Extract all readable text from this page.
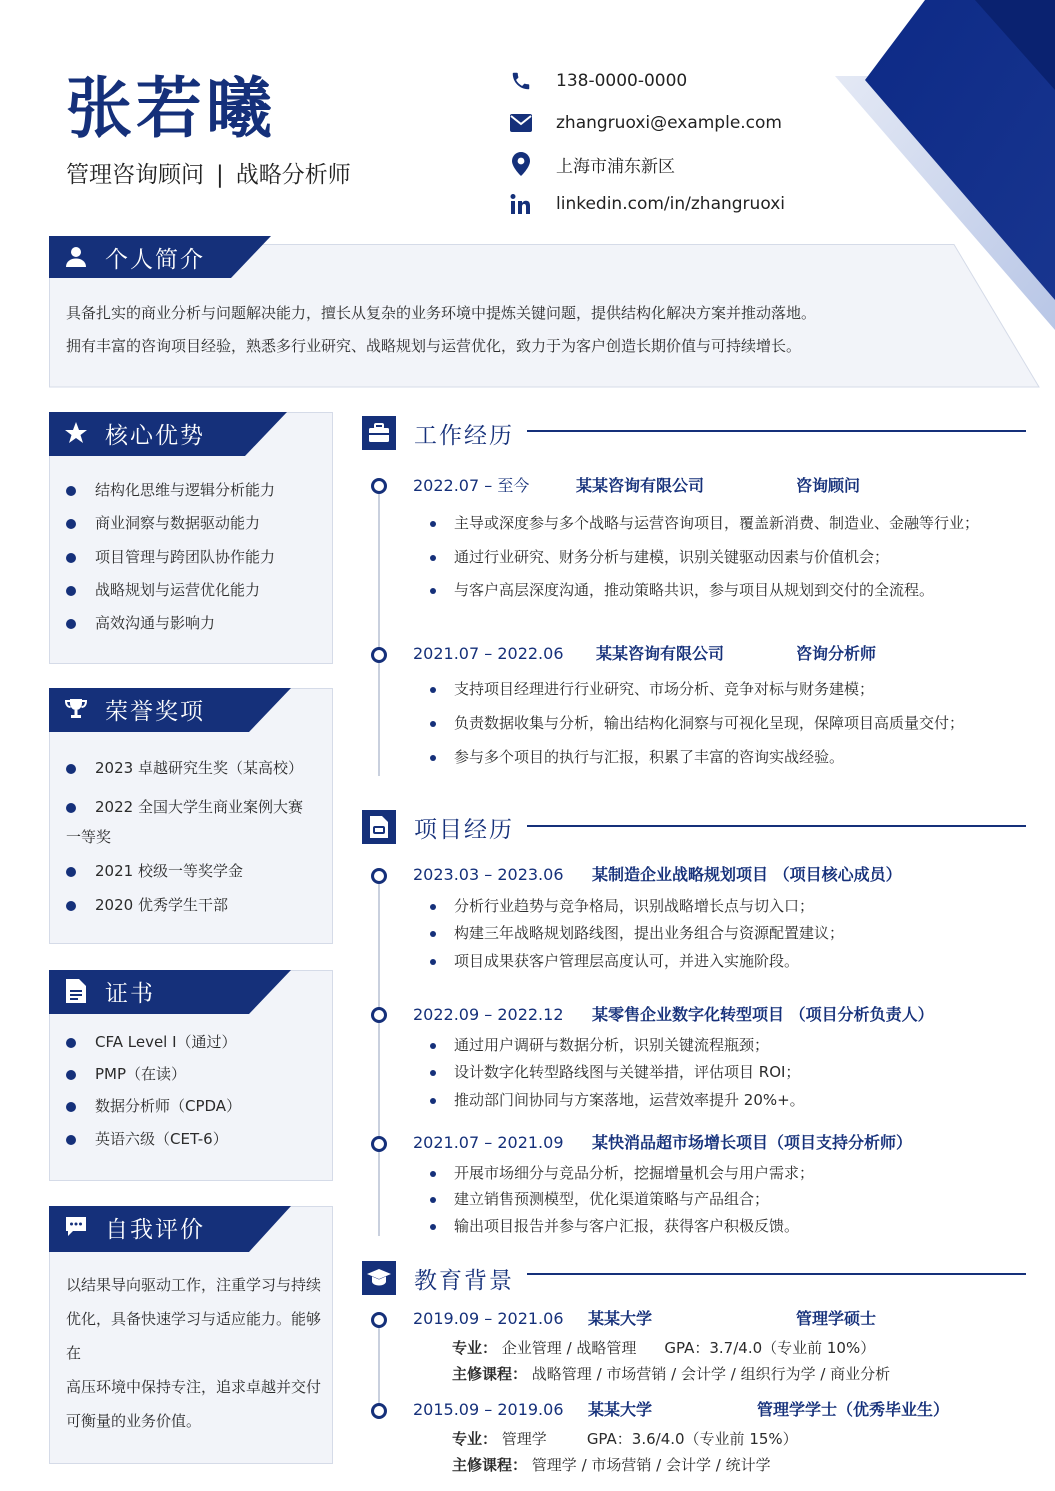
张若曦
管理咨询顾问 | 战略分析师
138-0000-0000
zhangruoxi@example.com
上海市浦东新区
linkedin.com/in/zhangruoxi
个人简介
具备扎实的商业分析与问题解决能力，擅长从复杂的业务环境中提炼关键问题，提供结构化解决方案并推动落地。
拥有丰富的咨询项目经验，熟悉多行业研究、战略规划与运营优化，致力于为客户创造长期价值与可持续增长。
核心优势
结构化思维与逻辑分析能力
商业洞察与数据驱动能力
项目管理与跨团队协作能力
战略规划与运营优化能力
高效沟通与影响力
荣誉奖项
2023 卓越研究生奖（某高校）
2022 全国大学生商业案例大赛
一等奖
2021 校级一等奖学金
2020 优秀学生干部
证书
CFA Level I（通过）
PMP（在读）
数据分析师（CPDA）
英语六级（CET-6）
自我评价
以结果导向驱动工作，注重学习与持续
优化，具备快速学习与适应能力。能够在
高压环境中保持专注，追求卓越并交付
可衡量的业务价值。
工作经历
2022.07 – 至今	某某咨询有限公司	咨询顾问
主导或深度参与多个战略与运营咨询项目，覆盖新消费、制造业、金融等行业；
通过行业研究、财务分析与建模，识别关键驱动因素与价值机会；
与客户高层深度沟通，推动策略共识，参与项目从规划到交付的全流程。
2021.07 – 2022.06 某某咨询有限公司	咨询分析师
支持项目经理进行行业研究、市场分析、竞争对标与财务建模；
负责数据收集与分析，输出结构化洞察与可视化呈现，保障项目高质量交付；
参与多个项目的执行与汇报，积累了丰富的咨询实战经验。
项目经历
2023.03 – 2023.06 某制造企业战略规划项目 （项目核心成员）
分析行业趋势与竞争格局，识别战略增长点与切入口；
构建三年战略规划路线图，提出业务组合与资源配置建议；
项目成果获客户管理层高度认可，并进入实施阶段。
2022.09 – 2022.12 某零售企业数字化转型项目 （项目分析负责人）
通过用户调研与数据分析，识别关键流程瓶颈；
设计数字化转型路线图与关键举措，评估项目 ROI；
推动部门间协同与方案落地，运营效率提升 20%+。
2021.07 – 2021.09 某快消品超市场增长项目（项目支持分析师）
开展市场细分与竞品分析，挖掘增量机会与用户需求；
建立销售预测模型，优化渠道策略与产品组合；
输出项目报告并参与客户汇报，获得客户积极反馈。
教育背景
2019.09 – 2021.06 某某大学	管理学硕士
专业： 企业管理 / 战略管理 GPA：3.7/4.0（专业前 10%）
主修课程： 战略管理 / 市场营销 / 会计学 / 组织行为学 / 商业分析
2015.09 – 2019.06 某某大学	管理学学士（优秀毕业生）
专业： 管理学	GPA：3.6/4.0（专业前 15%）
主修课程： 管理学 / 市场营销 / 会计学 / 统计学
